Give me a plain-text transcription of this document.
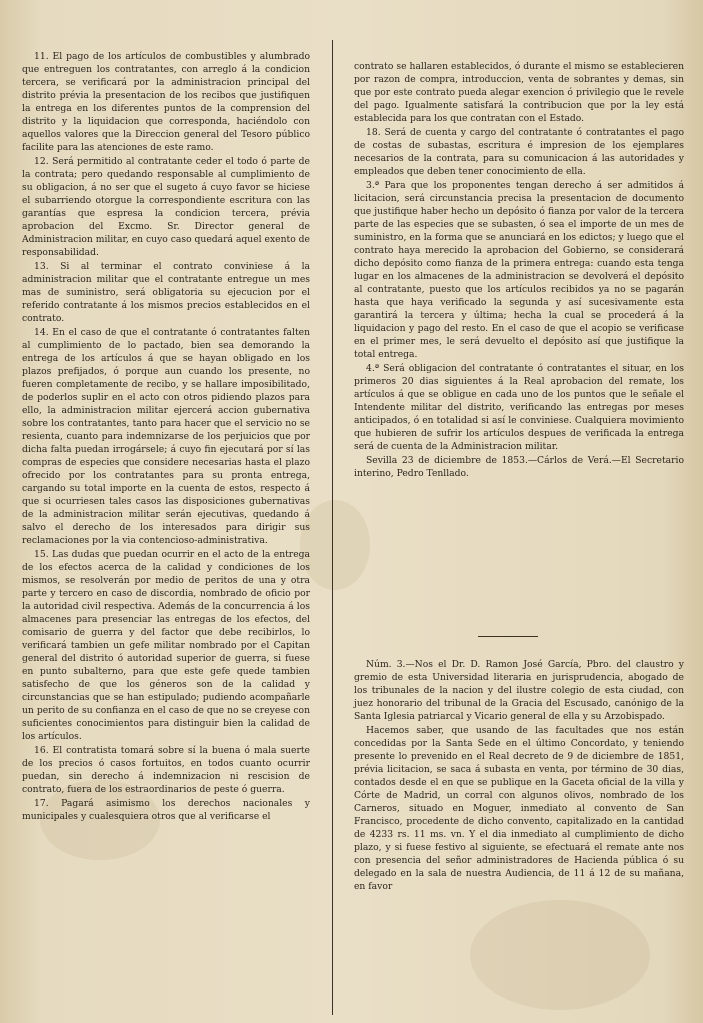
11. El pago de los artículos de combustibles y alumbrado que entreguen los contratantes, con arreglo á la condicion tercera, se verificará por la administracion principal del distrito prévia la presentacion de los recibos que justifiquen la entrega en los diferentes puntos de la comprension del distrito y la liquidacion que corresponda, haciéndolo con aquellos valores que la Direccion general del Tesoro público facilite para las atenciones de este ramo.

12. Será permitido al contratante ceder el todo ó parte de la contrata; pero quedando responsable al cumplimiento de su obligacion, á no ser que el sugeto á cuyo favor se hiciese el subarriendo otorgue la correspondiente escritura con las garantías que espresa la condicion tercera, prévia aprobacion del Excmo. Sr. Director general de Administracion militar, en cuyo caso quedará aquel exento de responsabilidad.

13. Si al terminar el contrato conviniese á la administracion militar que el contratante entregue un mes mas de suministro, será obligatoria su ejecucion por el referido contratante á los mismos precios establecidos en el contrato.

14. En el caso de que el contratante ó contratantes falten al cumplimiento de lo pactado, bien sea demorando la entrega de los artículos á que se hayan obligado en los plazos prefijados, ó porque aun cuando los presente, no fueren completamente de recibo, y se hallare imposibilitado, de poderlos suplir en el acto con otros pidiendo plazos para ello, la administracion militar ejercerá accion gubernativa sobre los contratantes, tanto para hacer que el servicio no se resienta, cuanto para indemnizarse de los perjuicios que por dicha falta puedan irrogársele; á cuyo fin ejecutará por sí las compras de especies que considere necesarias hasta el plazo ofrecido por los contratantes para su pronta entrega, cargando su total importe en la cuenta de estos, respecto á que si ocurriesen tales casos las disposiciones gubernativas de la administracion militar serán ejecutivas, quedando á salvo el derecho de los interesados para dirigir sus reclamaciones por la via contencioso-administrativa.

15. Las dudas que puedan ocurrir en el acto de la entrega de los efectos acerca de la calidad y condiciones de los mismos, se resolverán por medio de peritos de una y otra parte y tercero en caso de discordia, nombrado de oficio por la autoridad civil respectiva. Además de la concurrencia á los almacenes para presenciar las entregas de los efectos, del comisario de guerra y del factor que debe recibirlos, lo verificará tambien un gefe militar nombrado por el Capitan general del distrito ó autoridad superior de guerra, si fuese en punto subalterno, para que este gefe quede tambien satisfecho de que los géneros son de la calidad y circunstancias que se han estipulado; pudiendo acompañarle un perito de su confianza en el caso de que no se creyese con suficientes conocimientos para distinguir bien la calidad de los artículos.

16. El contratista tomará sobre sí la buena ó mala suerte de los precios ó casos fortuitos, en todos cuanto ocurrir puedan, sin derecho á indemnizacion ni rescision de contrato, fuera de los estraordinarios de peste ó guerra.

17. Pagará asimismo los derechos nacionales y municipales y cualesquiera otros que al verificarse el

contrato se hallaren establecidos, ó durante el mismo se establecieren por razon de compra, introduccion, venta de sobrantes y demas, sin que por este contrato pueda alegar exencion ó privilegio que le revele del pago. Igualmente satisfará la contribucion que por la ley está establecida para los que contratan con el Estado.

18. Será de cuenta y cargo del contratante ó contratantes el pago de costas de subastas, escritura é impresion de los ejemplares necesarios de la contrata, para su comunicacion á las autoridades y empleados que deben tener conocimiento de ella.

3.ª Para que los proponentes tengan derecho á ser admitidos á licitacion, será circunstancia precisa la presentacion de documento que justifique haber hecho un depósito ó fianza por valor de la tercera parte de las especies que se subasten, ó sea el importe de un mes de suministro, en la forma que se anunciará en los edictos; y luego que el contrato haya merecido la aprobacion del Gobierno, se considerará dicho depósito como fianza de la primera entrega: cuando esta tenga lugar en los almacenes de la administracion se devolverá el depósito al contratante, puesto que los artículos recibidos ya no se pagarán hasta que haya verificado la segunda y así sucesivamente esta garantirá la tercera y última; hecha la cual se procederá á la liquidacion y pago del resto. En el caso de que el acopio se verificase en el primer mes, le será devuelto el depósito así que justifique la total entrega.

4.ª Será obligacion del contratante ó contratantes el situar, en los primeros 20 dias siguientes á la Real aprobacion del remate, los artículos á que se obligue en cada uno de los puntos que le señale el Intendente militar del distrito, verificando las entregas por meses anticipados, ó en totalidad si así le conviniese. Cualquiera movimiento que hubieren de sufrir los artículos despues de verificada la entrega será de cuenta de la Administracion militar.

Sevilla 23 de diciembre de 1853.—Cárlos de Verá.—El Secretario interino, Pedro Tenllado.

Núm. 3.—Nos el Dr. D. Ramon José García, Pbro. del claustro y gremio de esta Universidad literaria en jurisprudencia, abogado de los tribunales de la nacion y del ilustre colegio de esta ciudad, con juez honorario del tribunal de la Gracia del Escusado, canónigo de la Santa Iglesia patriarcal y Vicario general de ella y su Arzobispado.

Hacemos saber, que usando de las facultades que nos están concedidas por la Santa Sede en el último Concordato, y teniendo presente lo prevenido en el Real decreto de 9 de diciembre de 1851, prévia licitacion, se saca á subasta en venta, por término de 30 dias, contados desde el en que se publique en la Gaceta oficial de la villa y Córte de Madrid, un corral con algunos olivos, nombrado de los Carneros, situado en Moguer, inmediato al convento de San Francisco, procedente de dicho convento, capitalizado en la cantidad de 4233 rs. 11 ms. vn. Y el dia inmediato al cumplimiento de dicho plazo, y si fuese festivo al siguiente, se efectuará el remate ante nos con presencia del señor administradores de Hacienda pública ó su delegado en la sala de nuestra Audiencia, de 11 á 12 de su mañana, en favor
